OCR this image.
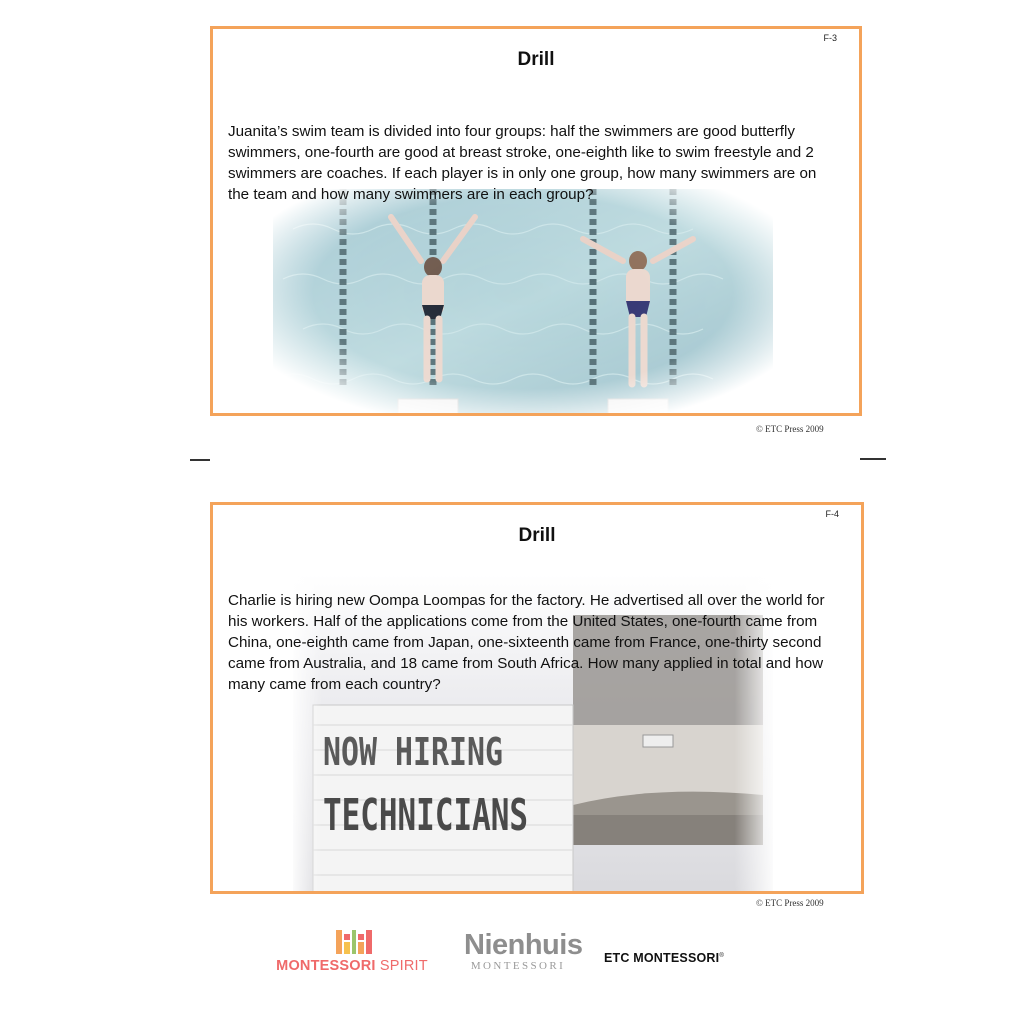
F-3
Drill
Juanita’s swim team is divided into four groups: half the swimmers are good butterfly swimmers, one-fourth are good at breast stroke, one-eighth like to swim freestyle and 2 swimmers are coaches. If each player is in only one group, how many swimmers are on the team and how many swimmers are in each group?
© ETC Press 2009
F-4
Drill
Charlie is hiring new Oompa Loompas for the factory. He advertised all over the world for his workers. Half of the applications come from the United States, one-fourth came from China, one-eighth came from Japan, one-sixteenth came from France, one-thirty second came from Australia, and 18 came from South Africa. How many applied in total and how many came from each country?
© ETC Press 2009
MONTESSORI SPIRIT
Nienhuis
MONTESSORI
ETC MONTESSORI®
